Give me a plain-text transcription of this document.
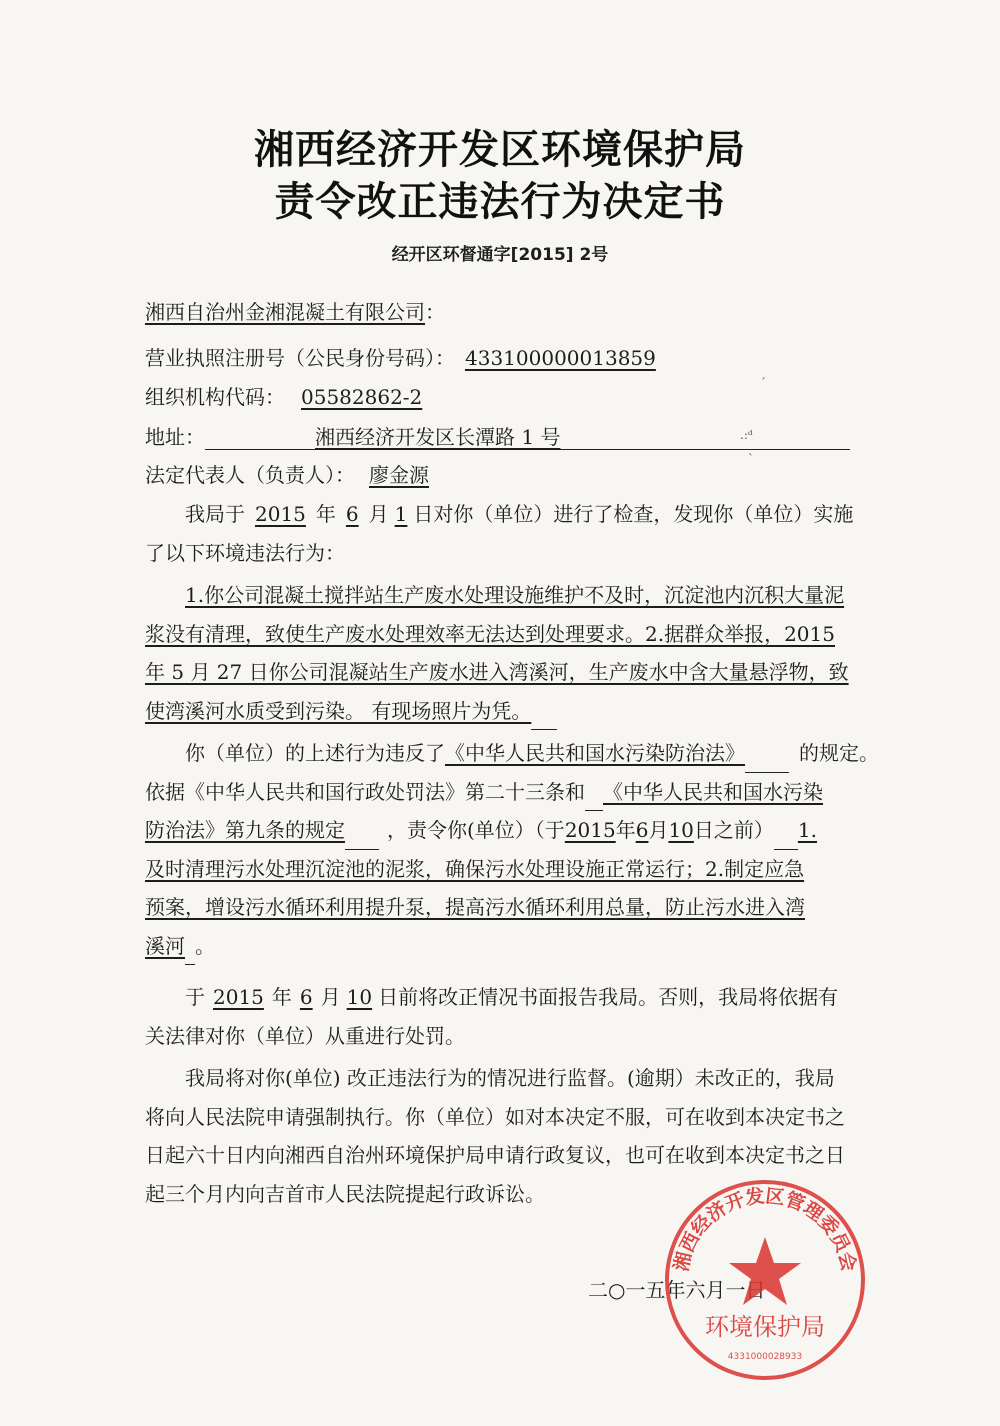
湘西经济开发区环境保护局
责令改正违法行为决定书
经开区环督通字[2015] 2号
湘西自治州金湘混凝土有限公司：
营业执照注册号（公民身份号码）： 433100000013859
组织机构代码： 05582862-2
地址：	湘西经济开发区长潭路 1 号
法定代表人（负责人）： 廖金源
我局于 2015 年 6 月 1 日对你（单位）进行了检查，发现你（单位）实施
了以下环境违法行为：
1.你公司混凝土搅拌站生产废水处理设施维护不及时，沉淀池内沉积大量泥
浆没有清理，致使生产废水处理效率无法达到处理要求。2.据群众举报，2015
年 5 月 27 日你公司混凝站生产废水进入湾溪河，生产废水中含大量悬浮物，致
使湾溪河水质受到污染。 有现场照片为凭。
你（单位）的上述行为违反了《中华人民共和国水污染防治法》	的规定。
依据《中华人民共和国行政处罚法》第二十三条和 《中华人民共和国水污染
防治法》第九条的规定 ，责令你(单位）（于2015年6月10日之前） 1.
及时清理污水处理沉淀池的泥浆，确保污水处理设施正常运行；2.制定应急
预案，增设污水循环利用提升泵，提高污水循环利用总量，防止污水进入湾
溪河 。
于 2015 年 6 月 10 日前将改正情况书面报告我局。否则，我局将依据有
关法律对你（单位）从重进行处罚。
我局将对你(单位) 改正违法行为的情况进行监督。(逾期）未改正的，我局
将向人民法院申请强制执行。你（单位）如对本决定不服，可在收到本决定书之
日起六十日内向湘西自治州环境保护局申请行政复议，也可在收到本决定书之日
起三个月内向吉首市人民法院提起行政诉讼。
二○一五年六月一日
湘西经济开发区管理委员会
环境保护局
4331000028933
ˊ
.:ᵈ
ˋ
